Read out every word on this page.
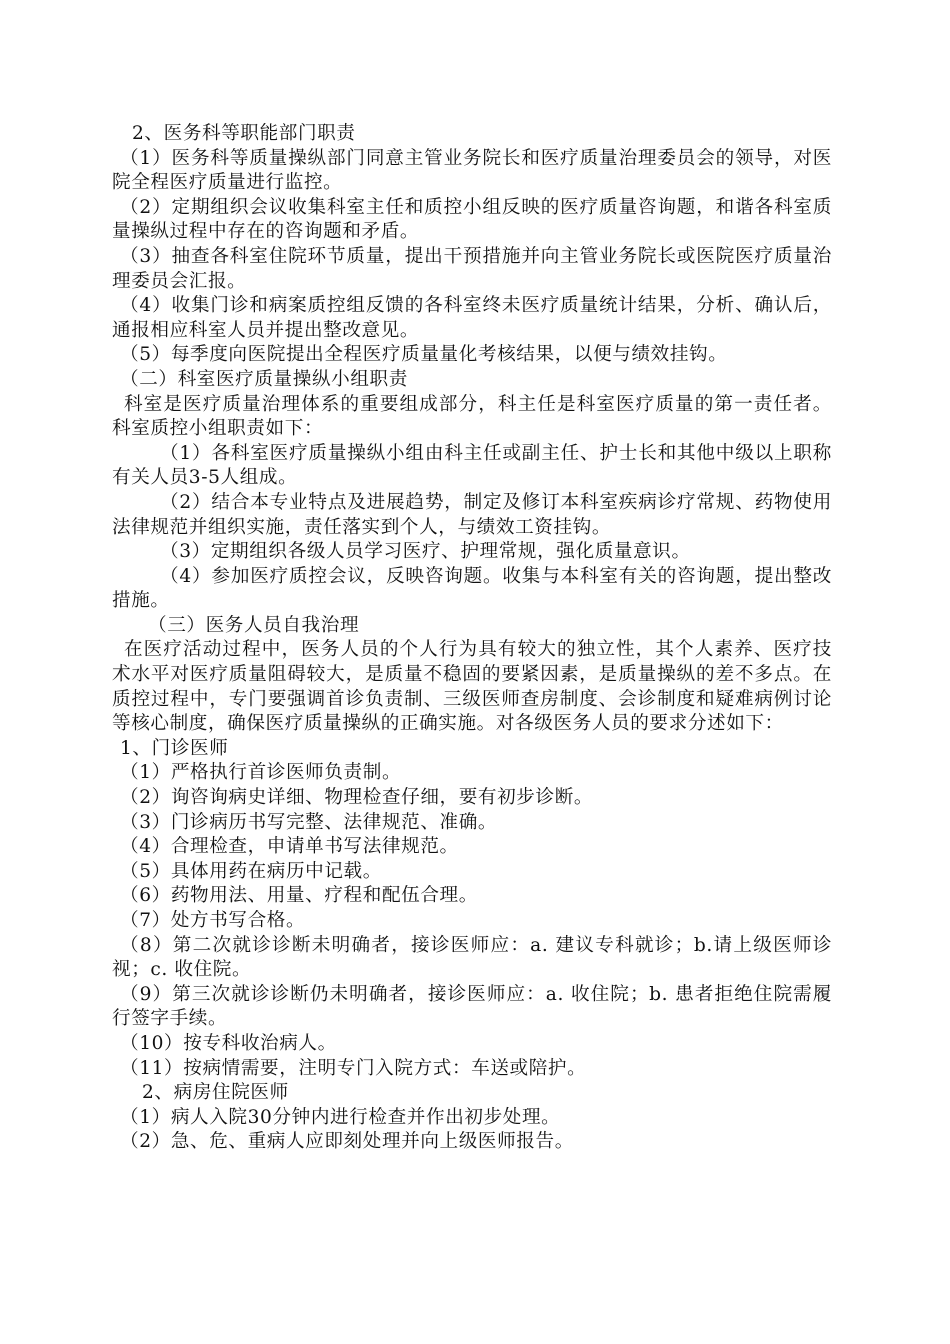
2、医务科等职能部门职责

（1）医务科等质量操纵部门同意主管业务院长和医疗质量治理委员会的领导，对医院全程医疗质量进行监控。

（2）定期组织会议收集科室主任和质控小组反映的医疗质量咨询题，和谐各科室质量操纵过程中存在的咨询题和矛盾。

（3）抽查各科室住院环节质量，提出干预措施并向主管业务院长或医院医疗质量治理委员会汇报。

（4）收集门诊和病案质控组反馈的各科室终未医疗质量统计结果，分析、确认后，通报相应科室人员并提出整改意见。

（5）每季度向医院提出全程医疗质量量化考核结果，以便与绩效挂钩。

（二）科室医疗质量操纵小组职责

科室是医疗质量治理体系的重要组成部分，科主任是科室医疗质量的第一责任者。科室质控小组职责如下：

（1）各科室医疗质量操纵小组由科主任或副主任、护士长和其他中级以上职称有关人员3-5人组成。

（2）结合本专业特点及进展趋势，制定及修订本科室疾病诊疗常规、药物使用法律规范并组织实施，责任落实到个人，与绩效工资挂钩。

（3）定期组织各级人员学习医疗、护理常规，强化质量意识。

（4）参加医疗质控会议，反映咨询题。收集与本科室有关的咨询题，提出整改措施。

（三）医务人员自我治理

在医疗活动过程中，医务人员的个人行为具有较大的独立性，其个人素养、医疗技术水平对医疗质量阻碍较大，是质量不稳固的要紧因素，是质量操纵的差不多点。在质控过程中，专门要强调首诊负责制、三级医师查房制度、会诊制度和疑难病例讨论等核心制度，确保医疗质量操纵的正确实施。对各级医务人员的要求分述如下：

1、门诊医师

（1）严格执行首诊医师负责制。

（2）询咨询病史详细、物理检查仔细，要有初步诊断。

（3）门诊病历书写完整、法律规范、准确。

（4）合理检查，申请单书写法律规范。

（5）具体用药在病历中记载。

（6）药物用法、用量、疗程和配伍合理。

（7）处方书写合格。

（8）第二次就诊诊断未明确者，接诊医师应：a. 建议专科就诊；b.请上级医师诊视；c. 收住院。

（9）第三次就诊诊断仍未明确者，接诊医师应：a. 收住院；b. 患者拒绝住院需履行签字手续。

（10）按专科收治病人。

（11）按病情需要，注明专门入院方式：车送或陪护。

2、病房住院医师

（1）病人入院30分钟内进行检查并作出初步处理。

（2）急、危、重病人应即刻处理并向上级医师报告。
